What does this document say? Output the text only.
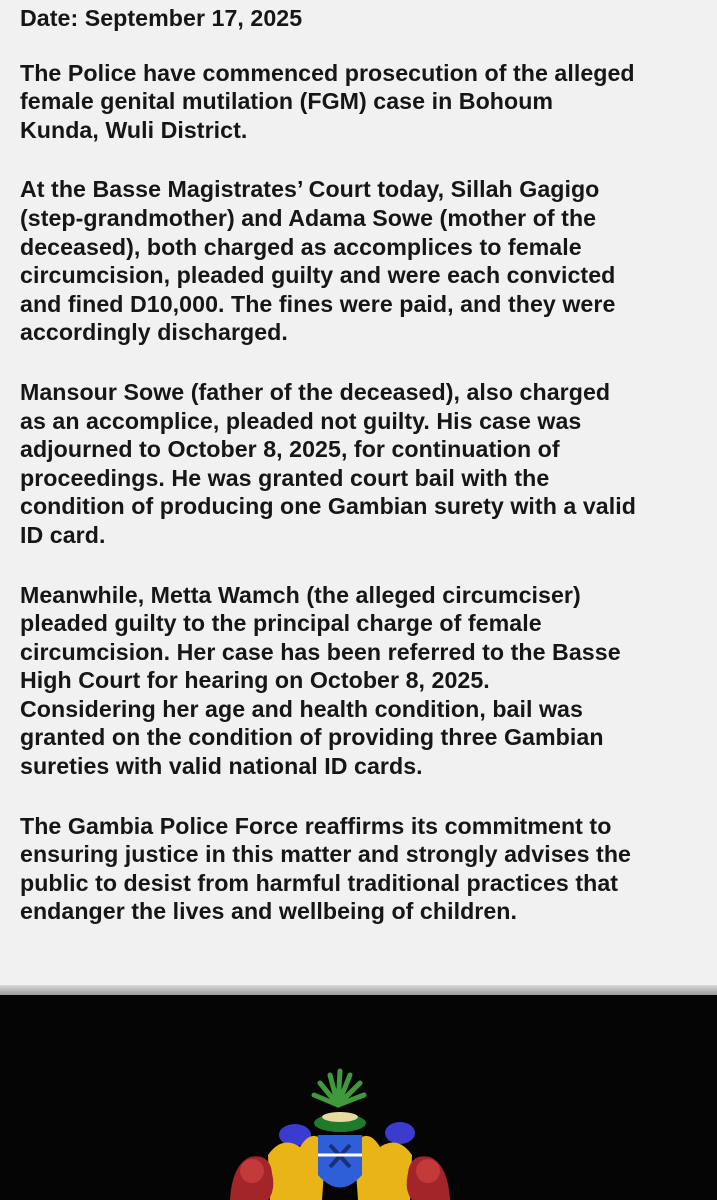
Date: September 17, 2025

The Police have commenced prosecution of the alleged
female genital mutilation (FGM) case in Bohoum
Kunda, Wuli District.

At the Basse Magistrates’ Court today, Sillah Gagigo
(step-grandmother) and Adama Sowe (mother of the
deceased), both charged as accomplices to female
circumcision, pleaded guilty and were each convicted
and fined D10,000. The fines were paid, and they were
accordingly discharged.

Mansour Sowe (father of the deceased), also charged
as an accomplice, pleaded not guilty. His case was
adjourned to October 8, 2025, for continuation of
proceedings. He was granted court bail with the
condition of producing one Gambian surety with a valid
ID card.

Meanwhile, Metta Wamch (the alleged circumciser)
pleaded guilty to the principal charge of female
circumcision. Her case has been referred to the Basse
High Court for hearing on October 8, 2025.
Considering her age and health condition, bail was
granted on the condition of providing three Gambian
sureties with valid national ID cards.

The Gambia Police Force reaffirms its commitment to
ensuring justice in this matter and strongly advises the
public to desist from harmful traditional practices that
endanger the lives and wellbeing of children.
